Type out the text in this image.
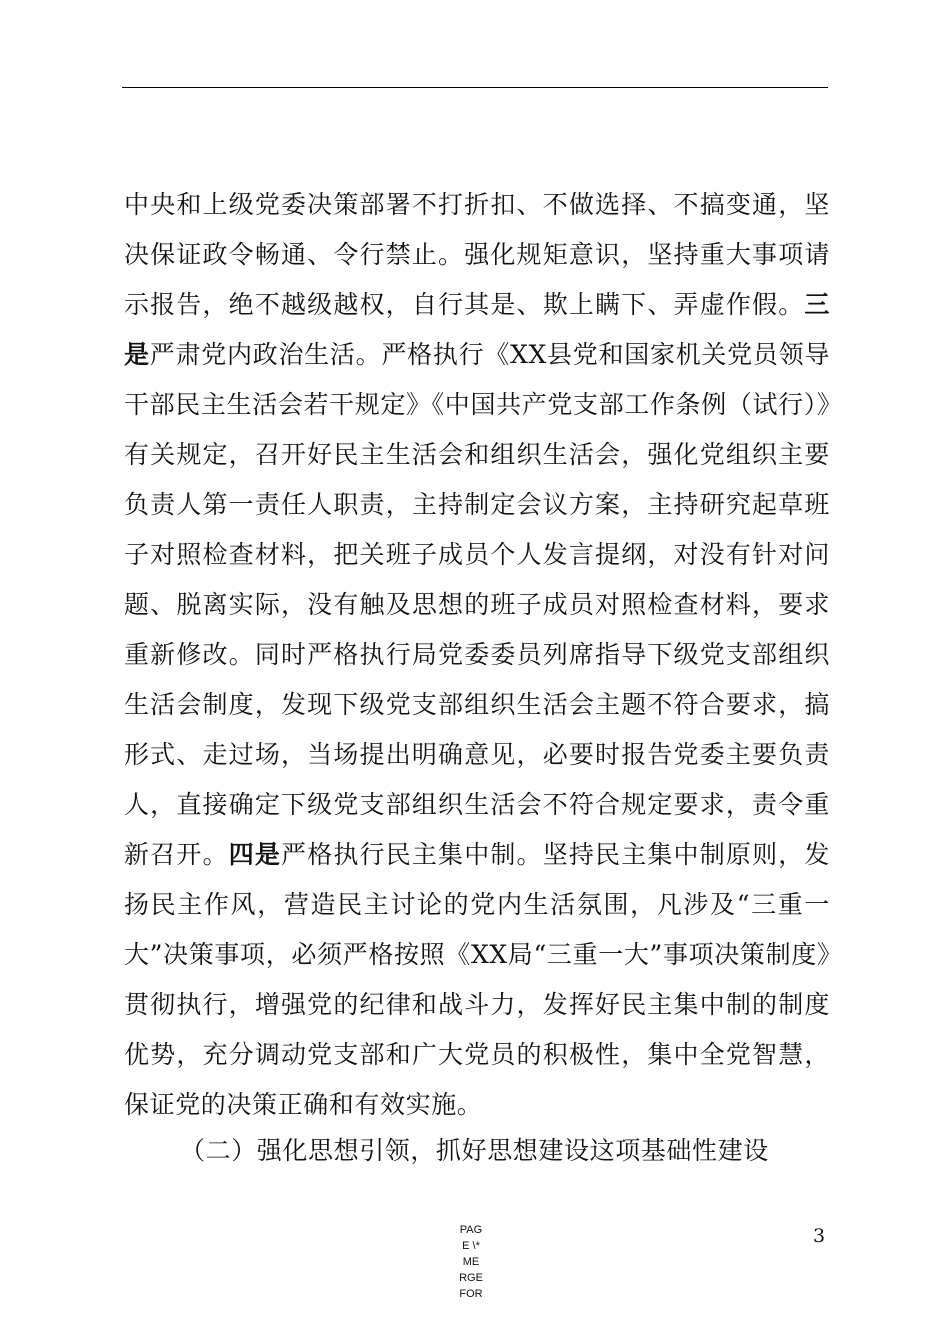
中央和上级党委决策部署不打折扣、不做选择、不搞变通，坚决保证政令畅通、令行禁止。强化规矩意识，坚持重大事项请示报告，绝不越级越权，自行其是、欺上瞒下、弄虚作假。三是严肃党内政治生活。严格执行《XX县党和国家机关党员领导干部民主生活会若干规定》《中国共产党支部工作条例（试行）》有关规定，召开好民主生活会和组织生活会，强化党组织主要负责人第一责任人职责，主持制定会议方案，主持研究起草班子对照检查材料，把关班子成员个人发言提纲，对没有针对问题、脱离实际，没有触及思想的班子成员对照检查材料，要求重新修改。同时严格执行局党委委员列席指导下级党支部组织生活会制度，发现下级党支部组织生活会主题不符合要求，搞形式、走过场，当场提出明确意见，必要时报告党委主要负责人，直接确定下级党支部组织生活会不符合规定要求，责令重新召开。四是严格执行民主集中制。坚持民主集中制原则，发扬民主作风，营造民主讨论的党内生活氛围，凡涉及“三重一大”决策事项，必须严格按照《XX局“三重一大”事项决策制度》贯彻执行，增强党的纪律和战斗力，发挥好民主集中制的制度优势，充分调动党支部和广大党员的积极性，集中全党智慧，保证党的决策正确和有效实施。

（二）强化思想引领，抓好思想建设这项基础性建设

PAGE \* MERGEFOR
3
